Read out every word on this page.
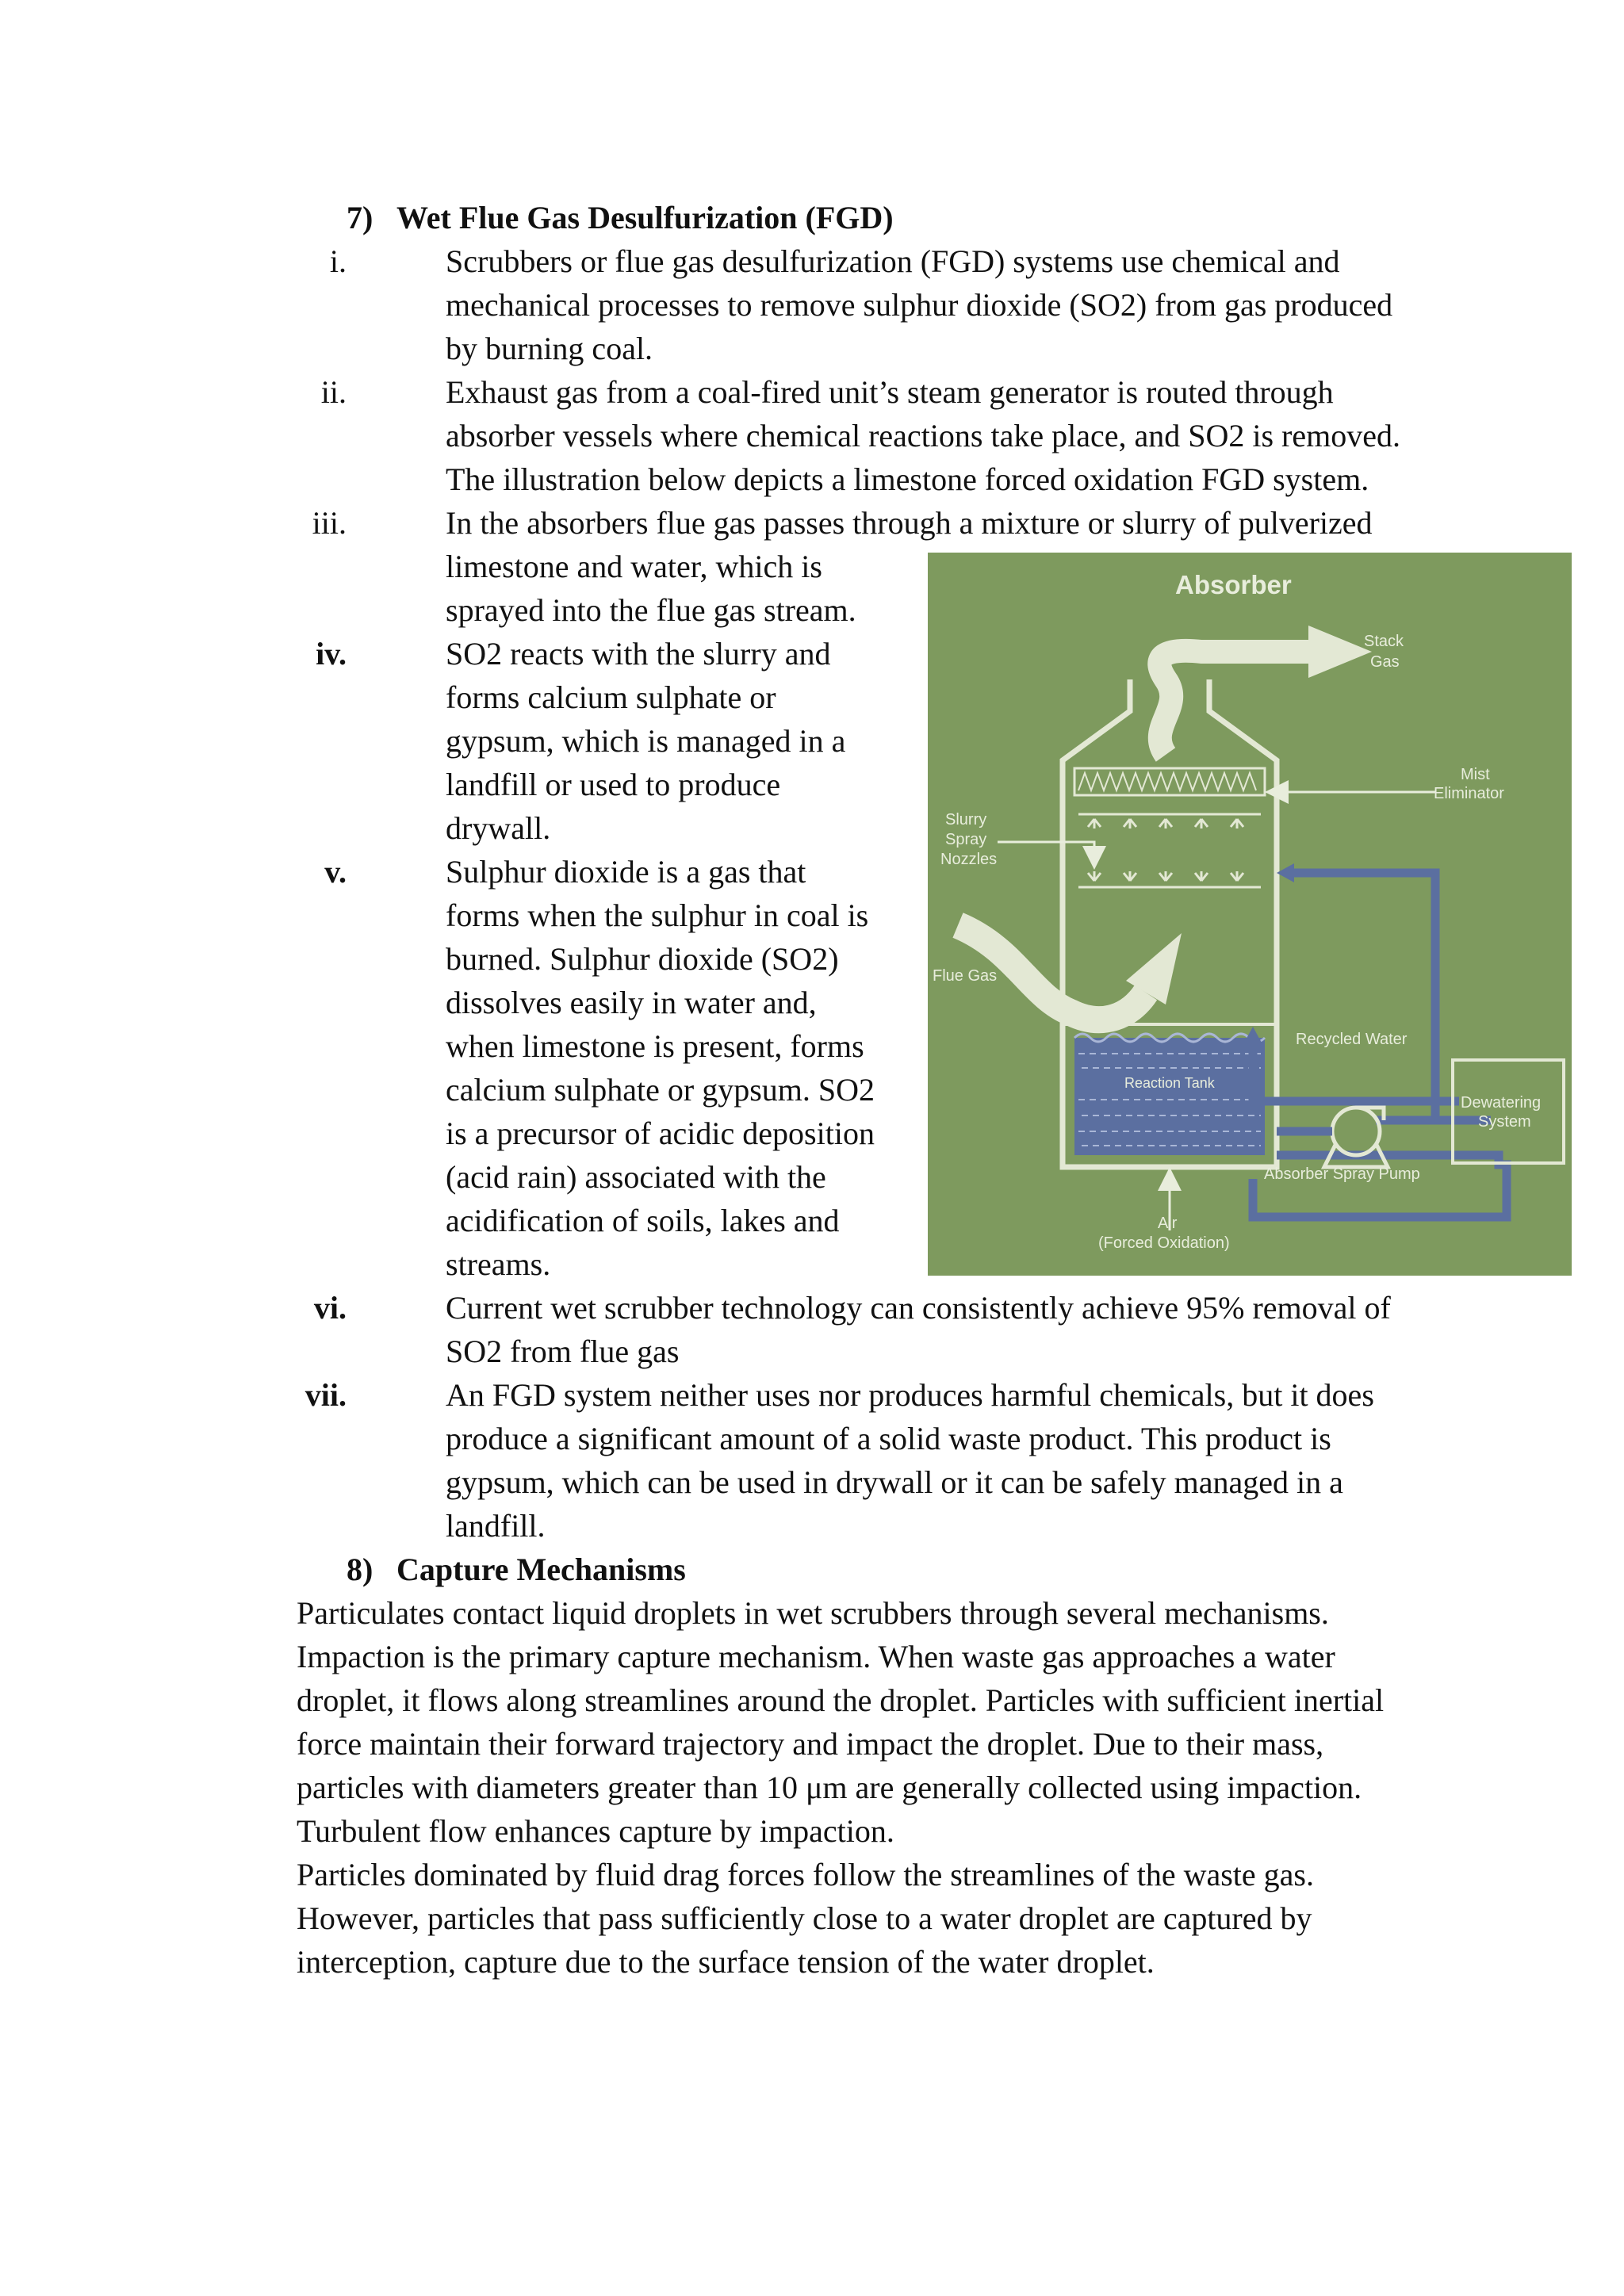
7) Wet Flue Gas Desulfurization (FGD)
i.	Scrubbers or flue gas desulfurization (FGD) systems use chemical and
mechanical processes to remove sulphur dioxide (SO2) from gas produced
by burning coal.
ii.	Exhaust gas from a coal-fired unit’s steam generator is routed through
absorber vessels where chemical reactions take place, and SO2 is removed.
The illustration below depicts a limestone forced oxidation FGD system.
iii.	In the absorbers flue gas passes through a mixture or slurry of pulverized
limestone and water, which is
sprayed into the flue gas stream.
iv.	SO2 reacts with the slurry and
forms calcium sulphate or
gypsum, which is managed in a
landfill or used to produce
drywall.
v.	Sulphur dioxide is a gas that
forms when the sulphur in coal is
burned. Sulphur dioxide (SO2)
dissolves easily in water and,
when limestone is present, forms
calcium sulphate or gypsum. SO2
is a precursor of acidic deposition
(acid rain) associated with the
acidification of soils, lakes and
streams.
vi.	Current wet scrubber technology can consistently achieve 95% removal of
SO2 from flue gas
vii.	An FGD system neither uses nor produces harmful chemicals, but it does
produce a significant amount of a solid waste product. This product is
gypsum, which can be used in drywall or it can be safely managed in a
landfill.
8) Capture Mechanisms
Particulates contact liquid droplets in wet scrubbers through several mechanisms.
Impaction is the primary capture mechanism. When waste gas approaches a water
droplet, it flows along streamlines around the droplet. Particles with sufficient inertial
force maintain their forward trajectory and impact the droplet. Due to their mass,
particles with diameters greater than 10 μm are generally collected using impaction.
Turbulent flow enhances capture by impaction.
Particles dominated by fluid drag forces follow the streamlines of the waste gas.
However, particles that pass sufficiently close to a water droplet are captured by
interception, capture due to the surface tension of the water droplet.
Absorber
Reaction Tank
Mist
Eliminator
Slurry
Spray
Nozzles
Flue Gas
Stack
Gas
Recycled Water
Absorber Spray Pump
Dewatering
System
Air
(Forced Oxidation)
